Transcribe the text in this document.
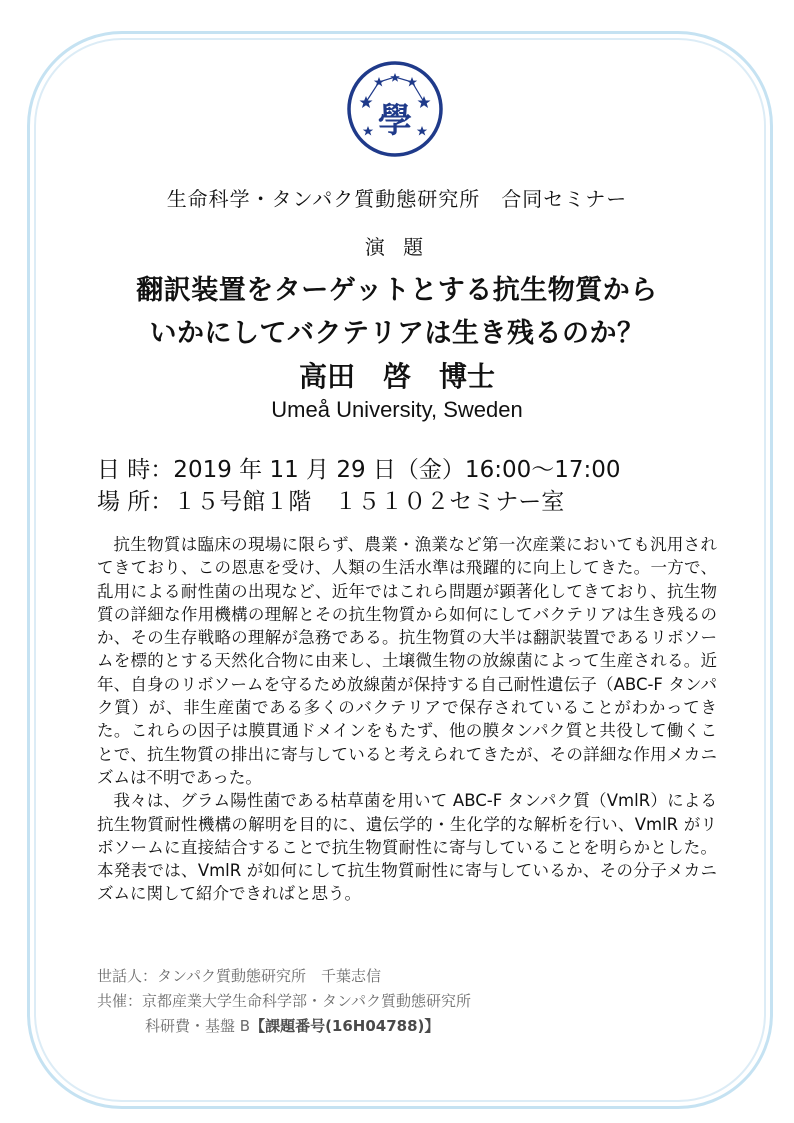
學
生命科学・タンパク質動態研究所　合同セミナー
演 題
翻訳装置をターゲットとする抗生物質から
いかにしてバクテリアは生き残るのか？
高田　啓　博士
Umeå University, Sweden
日 時：2019 年 11 月 29 日（金）16:00～17:00
場 所：１５号館１階　１５１０２セミナー室

抗生物質は臨床の現場に限らず、農業・漁業など第一次産業においても汎用されてきており、この恩恵を受け、人類の生活水準は飛躍的に向上してきた。一方で、乱用による耐性菌の出現など、近年ではこれら問題が顕著化してきており、抗生物質の詳細な作用機構の理解とその抗生物質から如何にしてバクテリアは生き残るのか、その生存戦略の理解が急務である。抗生物質の大半は翻訳装置であるリボソームを標的とする天然化合物に由来し、土壌微生物の放線菌によって生産される。近年、自身のリボソームを守るため放線菌が保持する自己耐性遺伝子（ABC-F タンパク質）が、非生産菌である多くのバクテリアで保存されていることがわかってきた。これらの因子は膜貫通ドメインをもたず、他の膜タンパク質と共役して働くことで、抗生物質の排出に寄与していると考えられてきたが、その詳細な作用メカニズムは不明であった。

我々は、グラム陽性菌である枯草菌を用いて ABC-F タンパク質（VmlR）による抗生物質耐性機構の解明を目的に、遺伝学的・生化学的な解析を行い、VmlR がリボソームに直接結合することで抗生物質耐性に寄与していることを明らかとした。本発表では、VmlR が如何にして抗生物質耐性に寄与しているか、その分子メカニズムに関して紹介できればと思う。

世話人：タンパク質動態研究所　千葉志信
共催：京都産業大学生命科学部・タンパク質動態研究所
科研費・基盤 B【課題番号(16H04788)】
